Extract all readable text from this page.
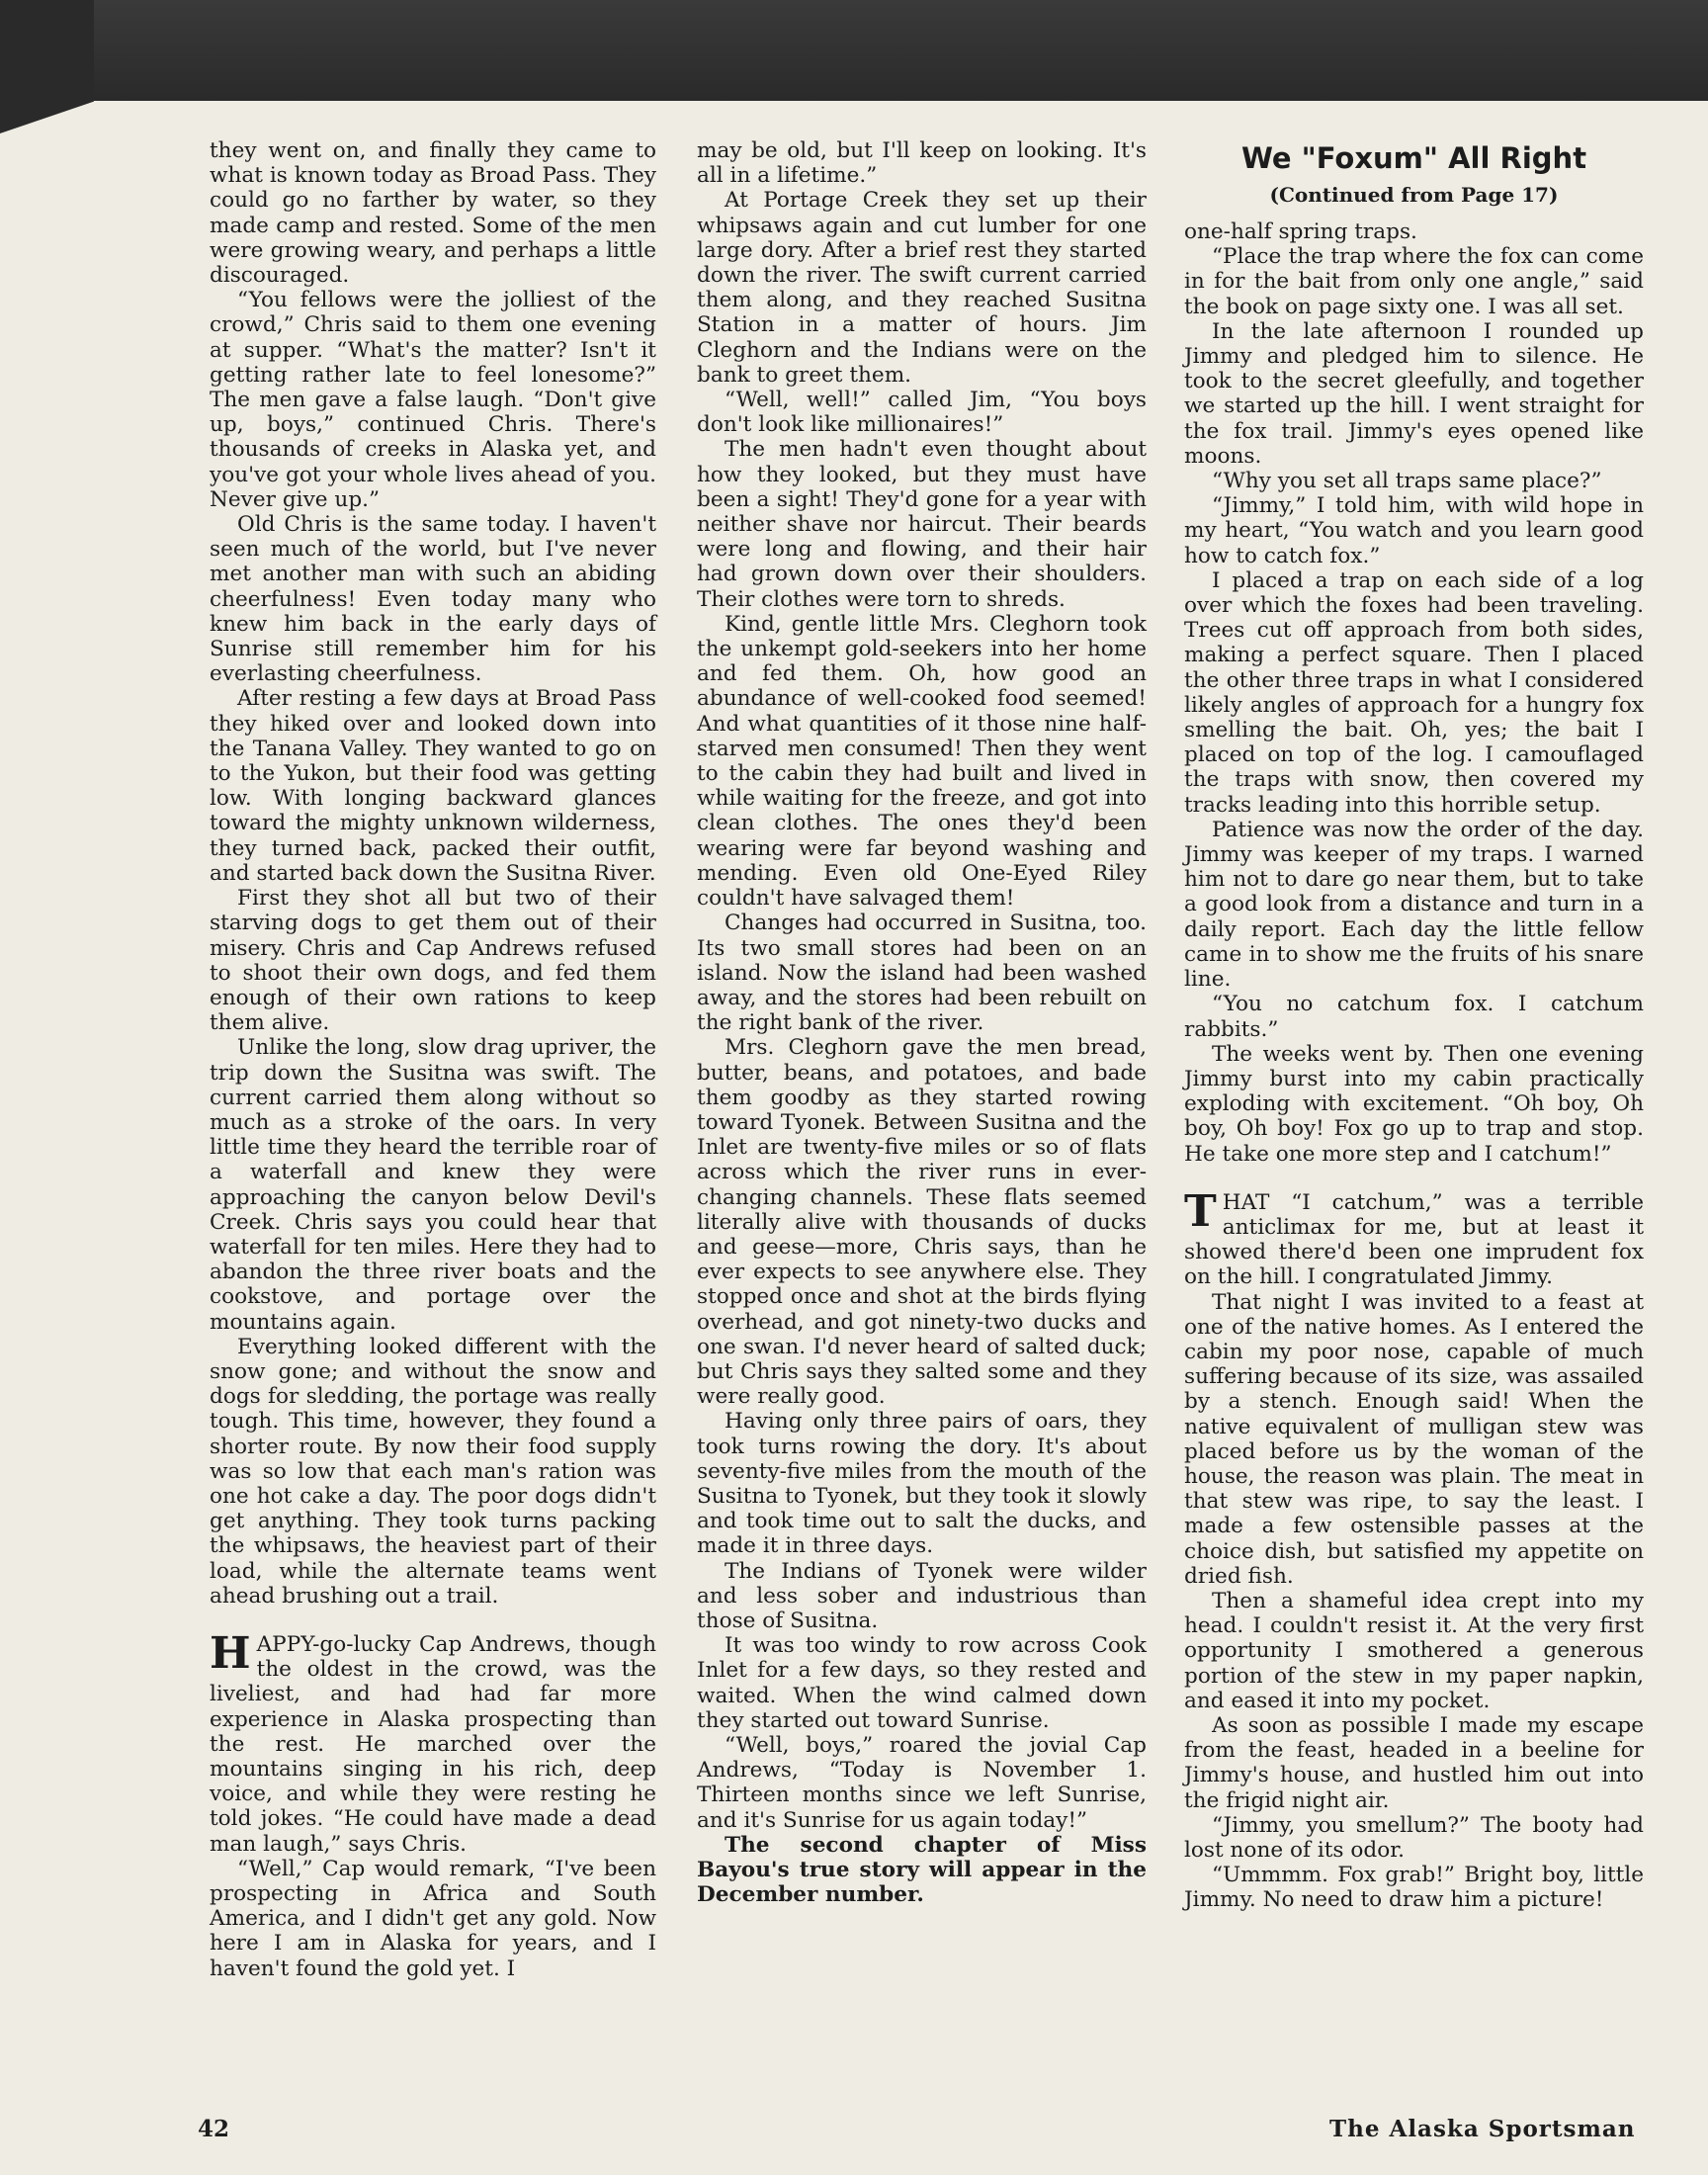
they went on, and finally they came to what is known today as Broad Pass. They could go no farther by water, so they made camp and rested. Some of the men were growing weary, and perhaps a little discouraged.

“You fellows were the jolliest of the crowd,” Chris said to them one evening at supper. “What's the matter? Isn't it getting rather late to feel lonesome?” The men gave a false laugh. “Don't give up, boys,” continued Chris. There's thousands of creeks in Alaska yet, and you've got your whole lives ahead of you. Never give up.”

Old Chris is the same today. I haven't seen much of the world, but I've never met another man with such an abiding cheerfulness! Even today many who knew him back in the early days of Sunrise still remember him for his everlasting cheerfulness.

After resting a few days at Broad Pass they hiked over and looked down into the Tanana Valley. They wanted to go on to the Yukon, but their food was getting low. With longing backward glances toward the mighty unknown wilderness, they turned back, packed their outfit, and started back down the Susitna River.

First they shot all but two of their starving dogs to get them out of their misery. Chris and Cap Andrews refused to shoot their own dogs, and fed them enough of their own rations to keep them alive.

Unlike the long, slow drag upriver, the trip down the Susitna was swift. The current carried them along without so much as a stroke of the oars. In very little time they heard the terrible roar of a waterfall and knew they were approaching the canyon below Devil's Creek. Chris says you could hear that waterfall for ten miles. Here they had to abandon the three river boats and the cookstove, and portage over the mountains again.

Everything looked different with the snow gone; and without the snow and dogs for sledding, the portage was really tough. This time, however, they found a shorter route. By now their food supply was so low that each man's ration was one hot cake a day. The poor dogs didn't get anything. They took turns packing the whipsaws, the heaviest part of their load, while the alternate teams went ahead brushing out a trail.

HAPPY-go-lucky Cap Andrews, though the oldest in the crowd, was the liveliest, and had had far more experience in Alaska prospecting than the rest. He marched over the mountains singing in his rich, deep voice, and while they were resting he told jokes. “He could have made a dead man laugh,” says Chris.

“Well,” Cap would remark, “I've been prospecting in Africa and South America, and I didn't get any gold. Now here I am in Alaska for years, and I haven't found the gold yet. I

may be old, but I'll keep on looking. It's all in a lifetime.”

At Portage Creek they set up their whipsaws again and cut lumber for one large dory. After a brief rest they started down the river. The swift current carried them along, and they reached Susitna Station in a matter of hours. Jim Cleghorn and the Indians were on the bank to greet them.

“Well, well!” called Jim, “You boys don't look like millionaires!”

The men hadn't even thought about how they looked, but they must have been a sight! They'd gone for a year with neither shave nor haircut. Their beards were long and flowing, and their hair had grown down over their shoulders. Their clothes were torn to shreds.

Kind, gentle little Mrs. Cleghorn took the unkempt gold-seekers into her home and fed them. Oh, how good an abundance of well-cooked food seemed! And what quantities of it those nine half-starved men consumed! Then they went to the cabin they had built and lived in while waiting for the freeze, and got into clean clothes. The ones they'd been wearing were far beyond washing and mending. Even old One-Eyed Riley couldn't have salvaged them!

Changes had occurred in Susitna, too. Its two small stores had been on an island. Now the island had been washed away, and the stores had been rebuilt on the right bank of the river.

Mrs. Cleghorn gave the men bread, butter, beans, and potatoes, and bade them goodby as they started rowing toward Tyonek. Between Susitna and the Inlet are twenty-five miles or so of flats across which the river runs in ever-changing channels. These flats seemed literally alive with thousands of ducks and geese—more, Chris says, than he ever expects to see anywhere else. They stopped once and shot at the birds flying overhead, and got ninety-two ducks and one swan. I'd never heard of salted duck; but Chris says they salted some and they were really good.

Having only three pairs of oars, they took turns rowing the dory. It's about seventy-five miles from the mouth of the Susitna to Tyonek, but they took it slowly and took time out to salt the ducks, and made it in three days.

The Indians of Tyonek were wilder and less sober and industrious than those of Susitna.

It was too windy to row across Cook Inlet for a few days, so they rested and waited. When the wind calmed down they started out toward Sunrise.

“Well, boys,” roared the jovial Cap Andrews, “Today is November 1. Thirteen months since we left Sunrise, and it's Sunrise for us again today!”

The second chapter of Miss Bayou's true story will appear in the December number.

We "Foxum" All Right
(Continued from Page 17)

one-half spring traps.

“Place the trap where the fox can come in for the bait from only one angle,” said the book on page sixty one. I was all set.

In the late afternoon I rounded up Jimmy and pledged him to silence. He took to the secret gleefully, and together we started up the hill. I went straight for the fox trail. Jimmy's eyes opened like moons.

“Why you set all traps same place?”

“Jimmy,” I told him, with wild hope in my heart, “You watch and you learn good how to catch fox.”

I placed a trap on each side of a log over which the foxes had been traveling. Trees cut off approach from both sides, making a perfect square. Then I placed the other three traps in what I considered likely angles of approach for a hungry fox smelling the bait. Oh, yes; the bait I placed on top of the log. I camouflaged the traps with snow, then covered my tracks leading into this horrible setup.

Patience was now the order of the day. Jimmy was keeper of my traps. I warned him not to dare go near them, but to take a good look from a distance and turn in a daily report. Each day the little fellow came in to show me the fruits of his snare line.

“You no catchum fox. I catchum rabbits.”

The weeks went by. Then one evening Jimmy burst into my cabin practically exploding with excitement. “Oh boy, Oh boy, Oh boy! Fox go up to trap and stop. He take one more step and I catchum!”

THAT “I catchum,” was a terrible anticlimax for me, but at least it showed there'd been one imprudent fox on the hill. I congratulated Jimmy.

That night I was invited to a feast at one of the native homes. As I entered the cabin my poor nose, capable of much suffering because of its size, was assailed by a stench. Enough said! When the native equivalent of mulligan stew was placed before us by the woman of the house, the reason was plain. The meat in that stew was ripe, to say the least. I made a few ostensible passes at the choice dish, but satisfied my appetite on dried fish.

Then a shameful idea crept into my head. I couldn't resist it. At the very first opportunity I smothered a generous portion of the stew in my paper napkin, and eased it into my pocket.

As soon as possible I made my escape from the feast, headed in a beeline for Jimmy's house, and hustled him out into the frigid night air.

“Jimmy, you smellum?” The booty had lost none of its odor.

“Ummmm. Fox grab!” Bright boy, little Jimmy. No need to draw him a picture!

42	The Alaska Sportsman
